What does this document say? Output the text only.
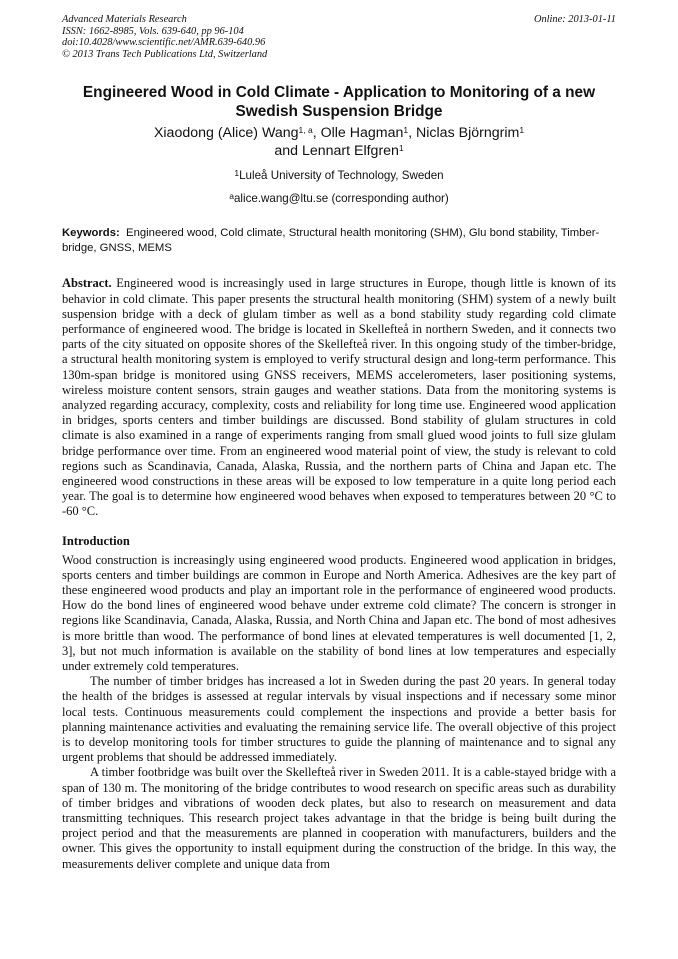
Advanced Materials Research
ISSN: 1662-8985, Vols. 639-640, pp 96-104
doi:10.4028/www.scientific.net/AMR.639-640.96
© 2013 Trans Tech Publications Ltd, Switzerland
Online: 2013-01-11
Engineered Wood in Cold Climate - Application to Monitoring of a new Swedish Suspension Bridge
Xiaodong (Alice) Wang$^{1, a}$, Olle Hagman$^1$, Niclas Björngrim$^1$
and Lennart Elfgren$^1$
$^1$Luleå University of Technology, Sweden
$^a$alice.wang@ltu.se (corresponding author)
Keywords: Engineered wood, Cold climate, Structural health monitoring (SHM), Glu bond stability, Timber-bridge, GNSS, MEMS
Abstract. Engineered wood is increasingly used in large structures in Europe, though little is known of its behavior in cold climate. This paper presents the structural health monitoring (SHM) system of a newly built suspension bridge with a deck of glulam timber as well as a bond stability study regarding cold climate performance of engineered wood. The bridge is located in Skellefteå in northern Sweden, and it connects two parts of the city situated on opposite shores of the Skellefteå river. In this ongoing study of the timber-bridge, a structural health monitoring system is employed to verify structural design and long-term performance. This 130m-span bridge is monitored using GNSS receivers, MEMS accelerometers, laser positioning systems, wireless moisture content sensors, strain gauges and weather stations. Data from the monitoring systems is analyzed regarding accuracy, complexity, costs and reliability for long time use. Engineered wood application in bridges, sports centers and timber buildings are discussed. Bond stability of glulam structures in cold climate is also examined in a range of experiments ranging from small glued wood joints to full size glulam bridge performance over time. From an engineered wood material point of view, the study is relevant to cold regions such as Scandinavia, Canada, Alaska, Russia, and the northern parts of China and Japan etc. The engineered wood constructions in these areas will be exposed to low temperature in a quite long period each year. The goal is to determine how engineered wood behaves when exposed to temperatures between 20 °C to -60 °C.
Introduction

Wood construction is increasingly using engineered wood products. Engineered wood application in bridges, sports centers and timber buildings are common in Europe and North America. Adhesives are the key part of these engineered wood products and play an important role in the performance of engineered wood products. How do the bond lines of engineered wood behave under extreme cold climate? The concern is stronger in regions like Scandinavia, Canada, Alaska, Russia, and North China and Japan etc. The bond of most adhesives is more brittle than wood. The performance of bond lines at elevated temperatures is well documented [1, 2, 3], but not much information is available on the stability of bond lines at low temperatures and especially under extremely cold temperatures.

The number of timber bridges has increased a lot in Sweden during the past 20 years. In general today the health of the bridges is assessed at regular intervals by visual inspections and if necessary some minor local tests. Continuous measurements could complement the inspections and provide a better basis for planning maintenance activities and evaluating the remaining service life. The overall objective of this project is to develop monitoring tools for timber structures to guide the planning of maintenance and to signal any urgent problems that should be addressed immediately.

A timber footbridge was built over the Skellefteå river in Sweden 2011. It is a cable-stayed bridge with a span of 130 m. The monitoring of the bridge contributes to wood research on specific areas such as durability of timber bridges and vibrations of wooden deck plates, but also to research on measurement and data transmitting techniques. This research project takes advantage in that the bridge is being built during the project period and that the measurements are planned in cooperation with manufacturers, builders and the owner. This gives the opportunity to install equipment during the construction of the bridge. In this way, the measurements deliver complete and unique data from
